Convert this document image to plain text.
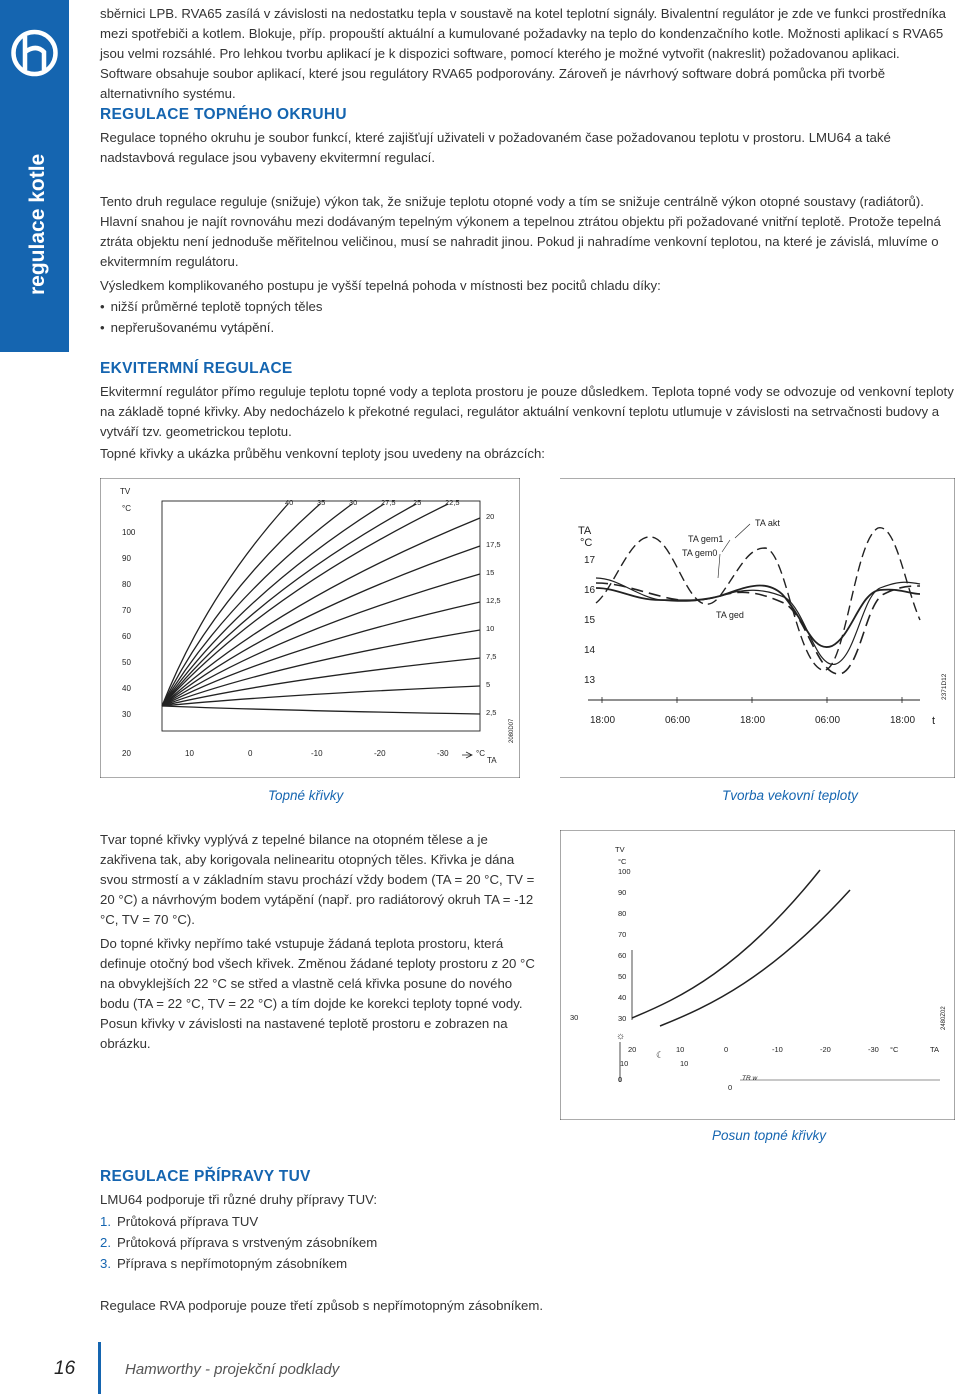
regulace kotle

sběrnici LPB. RVA65 zasílá v závislosti na nedostatku tepla v soustavě na kotel teplotní signály. Bivalentní regulátor je zde ve funkci prostředníka mezi spotřebiči a kotlem. Blokuje, příp. propouští aktuální a kumulované požadavky na teplo do kondenzačního kotle. Možnosti aplikací s RVA65 jsou velmi rozsáhlé. Pro lehkou tvorbu aplikací je k dispozici software, pomocí kterého je možné vytvořit (nakreslit) požadovanou aplikaci. Software obsahuje soubor aplikací, které jsou regulátory RVA65 podporovány. Zároveň je návrhový software dobrá pomůcka při tvorbě alternativního systému.

REGULACE TOPNÉHO OKRUHU

Regulace topného okruhu je soubor funkcí, které zajišťují uživateli v požadovaném čase požadovanou teplotu v prostoru. LMU64 a také nadstavbová regulace jsou vybaveny ekvitermní regulací.

Tento druh regulace reguluje (snižuje) výkon tak, že snižuje teplotu otopné vody a tím se snižuje centrálně výkon otopné soustavy (radiátorů). Hlavní snahou je najít rovnováhu mezi dodávaným tepelným výkonem a tepelnou ztrátou objektu při požadované vnitřní teplotě. Protože tepelná ztráta objektu není jednoduše měřitelnou veličinou, musí se nahradit jinou. Pokud ji nahradíme venkovní teplotou, na které je závislá, mluvíme o ekvitermním regulátoru.

Výsledkem komplikovaného postupu je vyšší tepelná pohoda v místnosti bez pocitů chladu díky:

• nižší průměrné teplotě topných těles
• nepřerušovanému vytápění.
EKVITERMNÍ REGULACE

Ekvitermní regulátor přímo reguluje teplotu topné vody a teplota prostoru je pouze důsledkem. Teplota topné vody se odvozuje od venkovní teploty na základě topné křivky. Aby nedocházelo k překotné regulaci, regulátor aktuální venkovní teplotu utlumuje v závislosti na setrvačnosti budovy a vytváří tzv. geometrickou teplotu.

Topné křivky a ukázka průběhu venkovní teploty jsou uvedeny na obrázcích:

TV
°C
100
90
80
70
60
50
40
30
20	10	0	-10	-20	-30
40	35	30	27,5 25	22,5
20
17,5
15
12,5
10
7,5
5
2,5
°C
TA
2080D07
Topné křivky
17
16
15
14
13
18:00	06:00	18:00	06:00	18:00
TA
°C
t
TA akt
TA gem1
TA gem0
TA ged
2371D12
Tvorba vekovní teploty

Tvar topné křivky vyplývá z tepelné bilance na otopném tělese a je zakřivena tak, aby korigovala nelinearitu otopných těles. Křivka je dána svou strmostí a v základním stavu prochází vždy bodem (TA = 20 °C, TV = 20 °C) a návrhovým bodem vytápění (např. pro radiátorový okruh TA = -12 °C, TV = 70 °C).

Do topné křivky nepřímo také vstupuje žádaná teplota prostoru, která definuje otočný bod všech křivek. Změnou žádané teploty prostoru z 20 °C na obvyklejších 22 °C se střed a vlastně celá křivka posune do nového bodu (TA = 22 °C, TV = 22 °C) a tím dojde ke korekci teploty topné vody. Posun křivky v závislosti na nastavené teplotě prostoru e zobrazen na obrázku.

TV
°C
100
90
80
70
60
50
40
30
20	10	0	-10	-20	-30
30
☼
☾
10	10
0
0
TR w
°C	TA
2480Z02
Posun topné křivky
REGULACE PŘÍPRAVY TUV

LMU64 podporuje tři různé druhy přípravy TUV:

1. Průtoková příprava TUV
2. Průtoková příprava s vrstveným zásobníkem
3. Příprava s nepřímotopným zásobníkem

Regulace RVA podporuje pouze třetí způsob s nepřímotopným zásobníkem.

16	Hamworthy - projekční podklady
